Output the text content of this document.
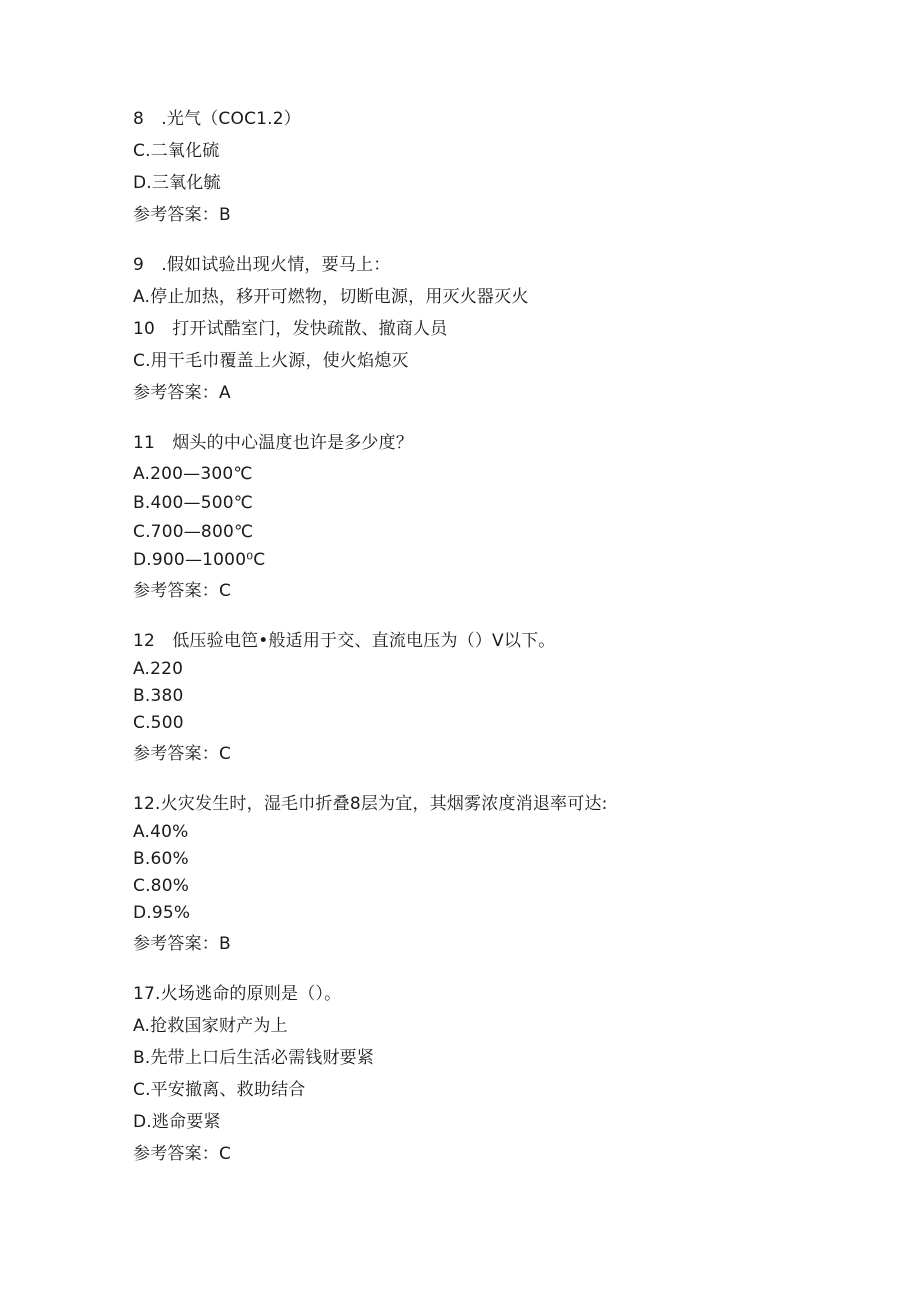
8　.光气（COC1.2）
C.二氧化硫
D.三氧化毓
参考答案：B
9　.假如试验出现火情，要马上：
A.停止加热，移开可燃物，切断电源，用灭火器灭火
10　打开试酷室门，发快疏散、撤商人员
C.用干毛巾覆盖上火源，使火焰熄灭
参考答案：A
11　烟头的中心温度也许是多少度？
A.200—300℃
B.400—500℃
C.700—800℃
D.900—1000⁰C
参考答案：C
12　低压验电笆•般适用于交、直流电压为（）V以下。
A.220
B.380
C.500
参考答案：C
12.火灾发生时，湿毛巾折叠8层为宜，其烟雾浓度消退率可达:
A.40%
B.60%
C.80%
D.95%
参考答案：B
17.火场逃命的原则是（）。
A.抢救国家财产为上
B.先带上口后生活必需钱财要紧
C.平安撤离、救助结合
D.逃命要紧
参考答案：C
